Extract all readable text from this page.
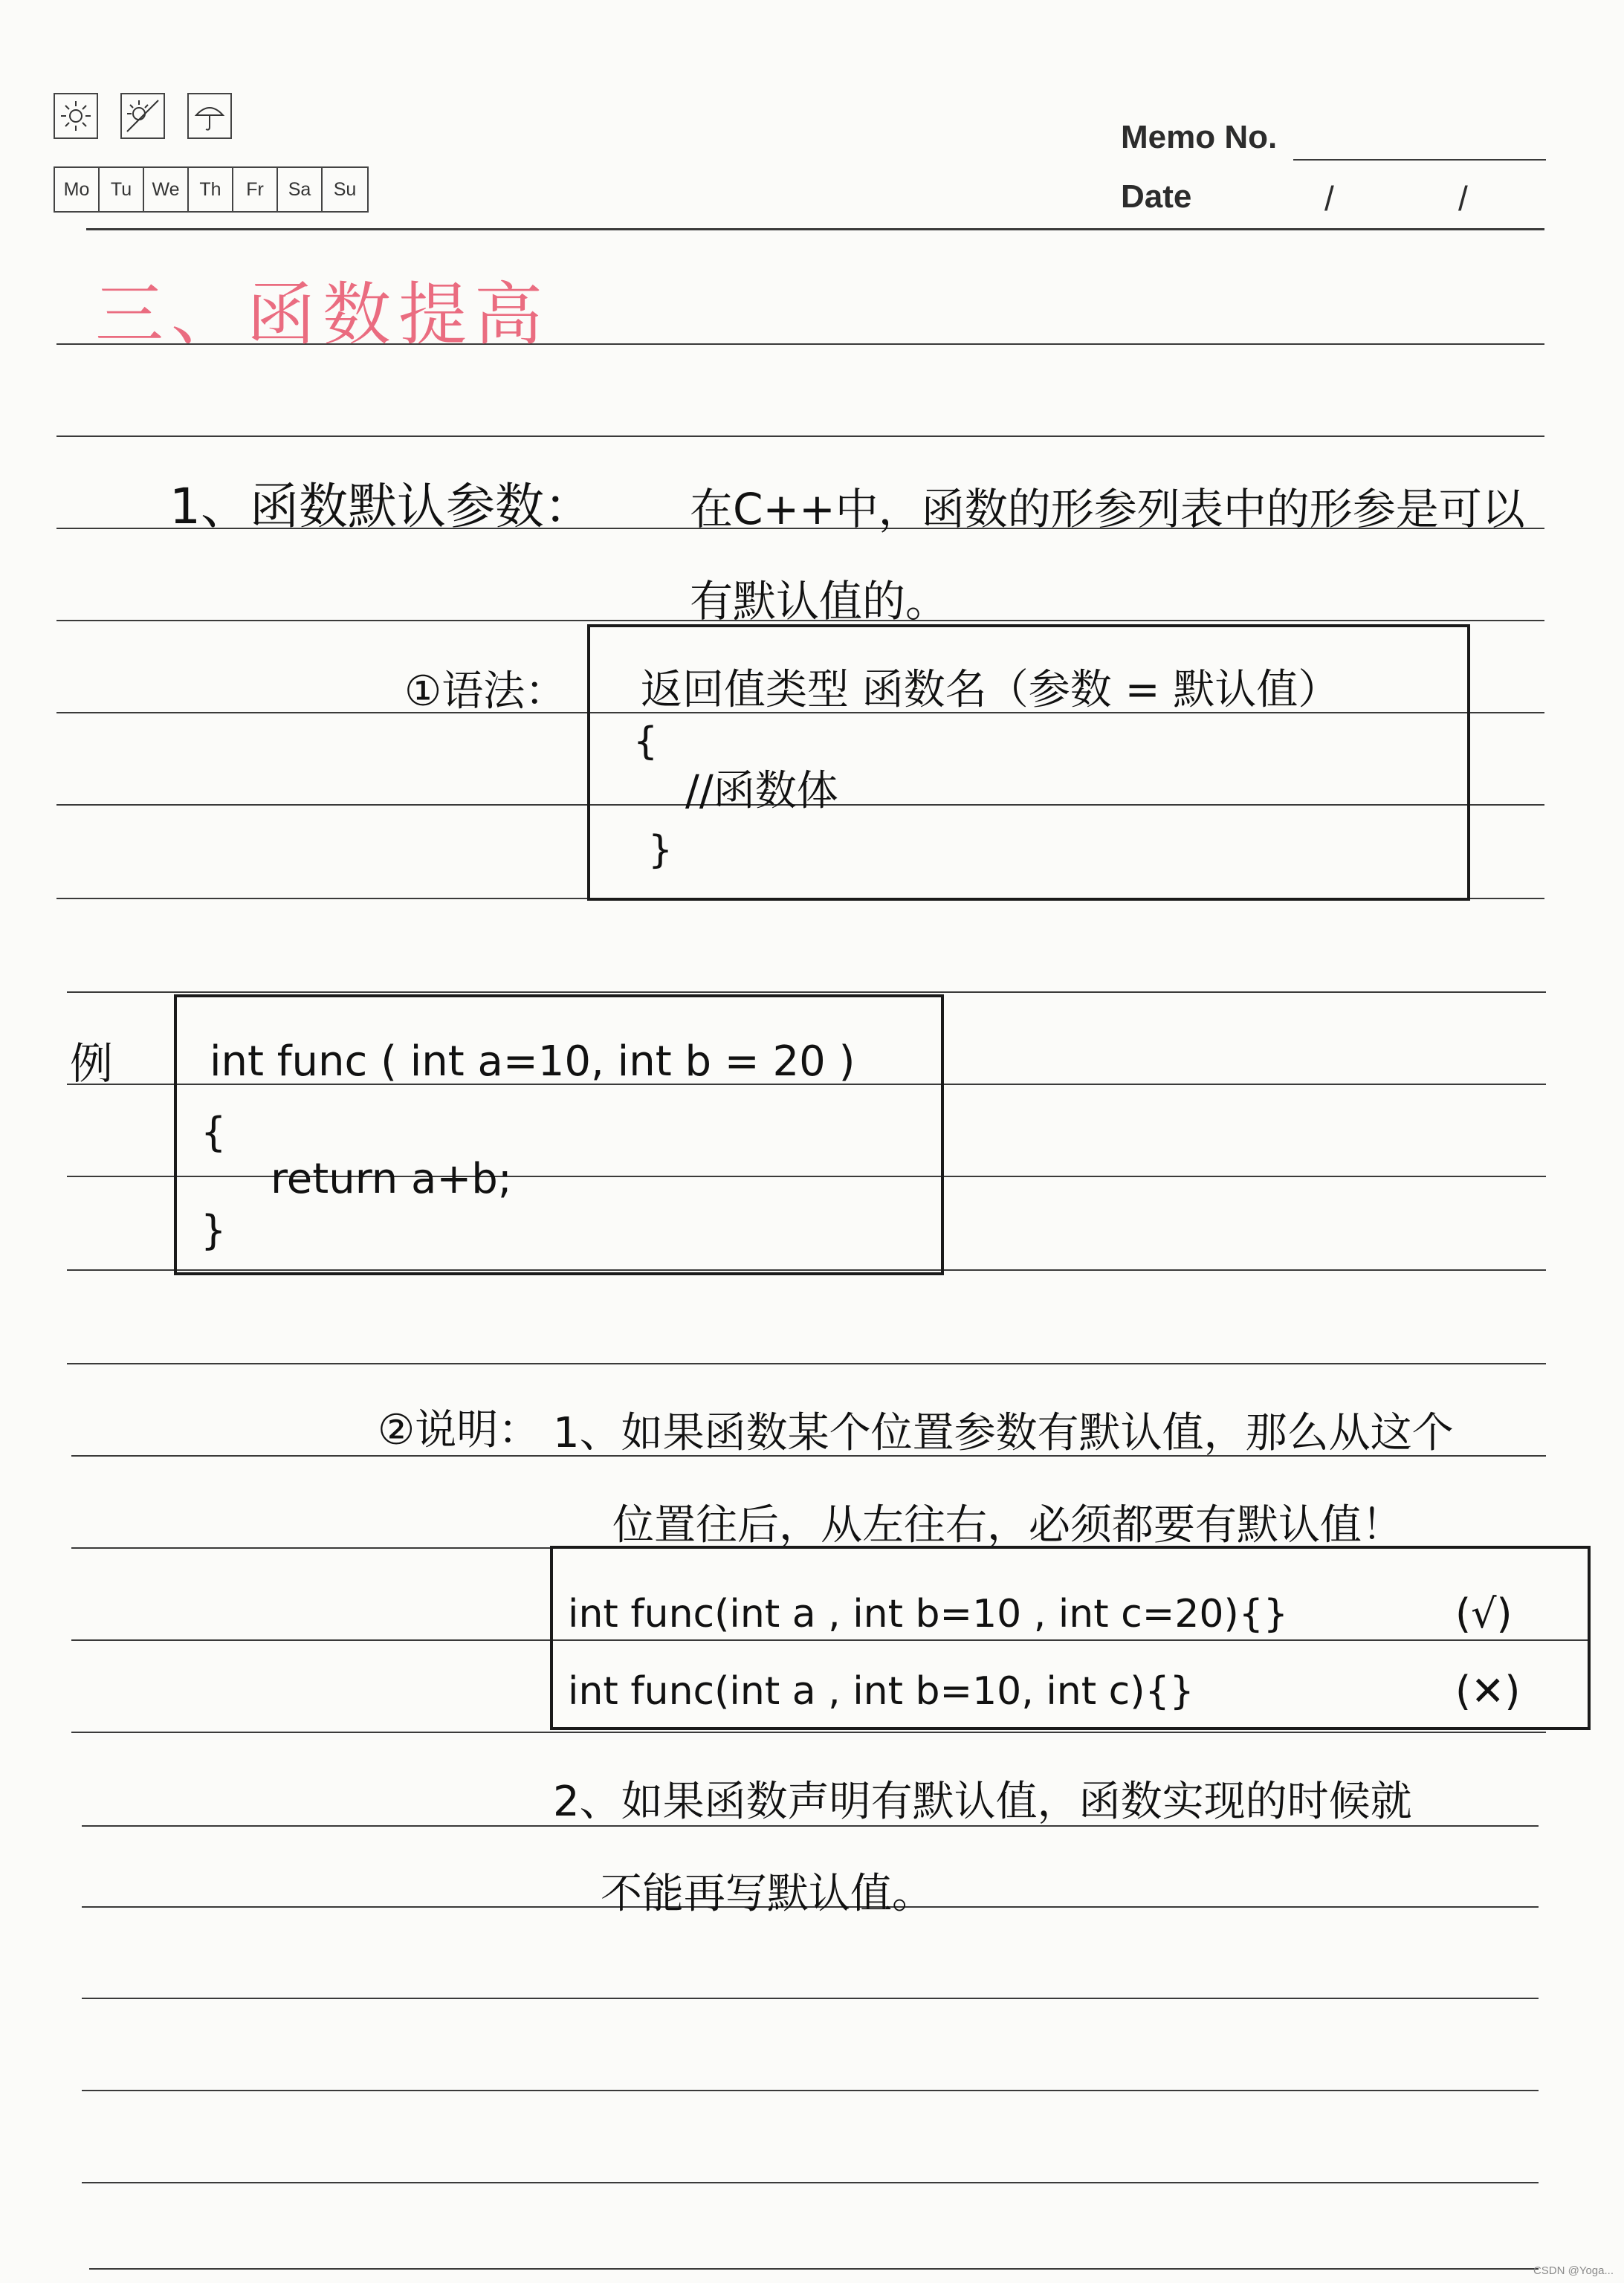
Mo	Tu	We	Th	Fr	Sa	Su
Memo No.
Date	/	/
三、函数提高
1、函数默认参数： 在C++中，函数的形参列表中的形参是可以
有默认值的。
①语法： 返回值类型 函数名（参数 = 默认值）
{
//函数体
}
例 int func ( int a=10, int b = 20 )
{
return a+b;
}
②说明： 1、如果函数某个位置参数有默认值，那么从这个
位置往后，从左往右，必须都要有默认值！
int func(int a , int b=10 , int c=20){}	(√)
int func(int a , int b=10, int c){}	(✕)
2、如果函数声明有默认值，函数实现的时候就
不能再写默认值。
CSDN @Yoga...
